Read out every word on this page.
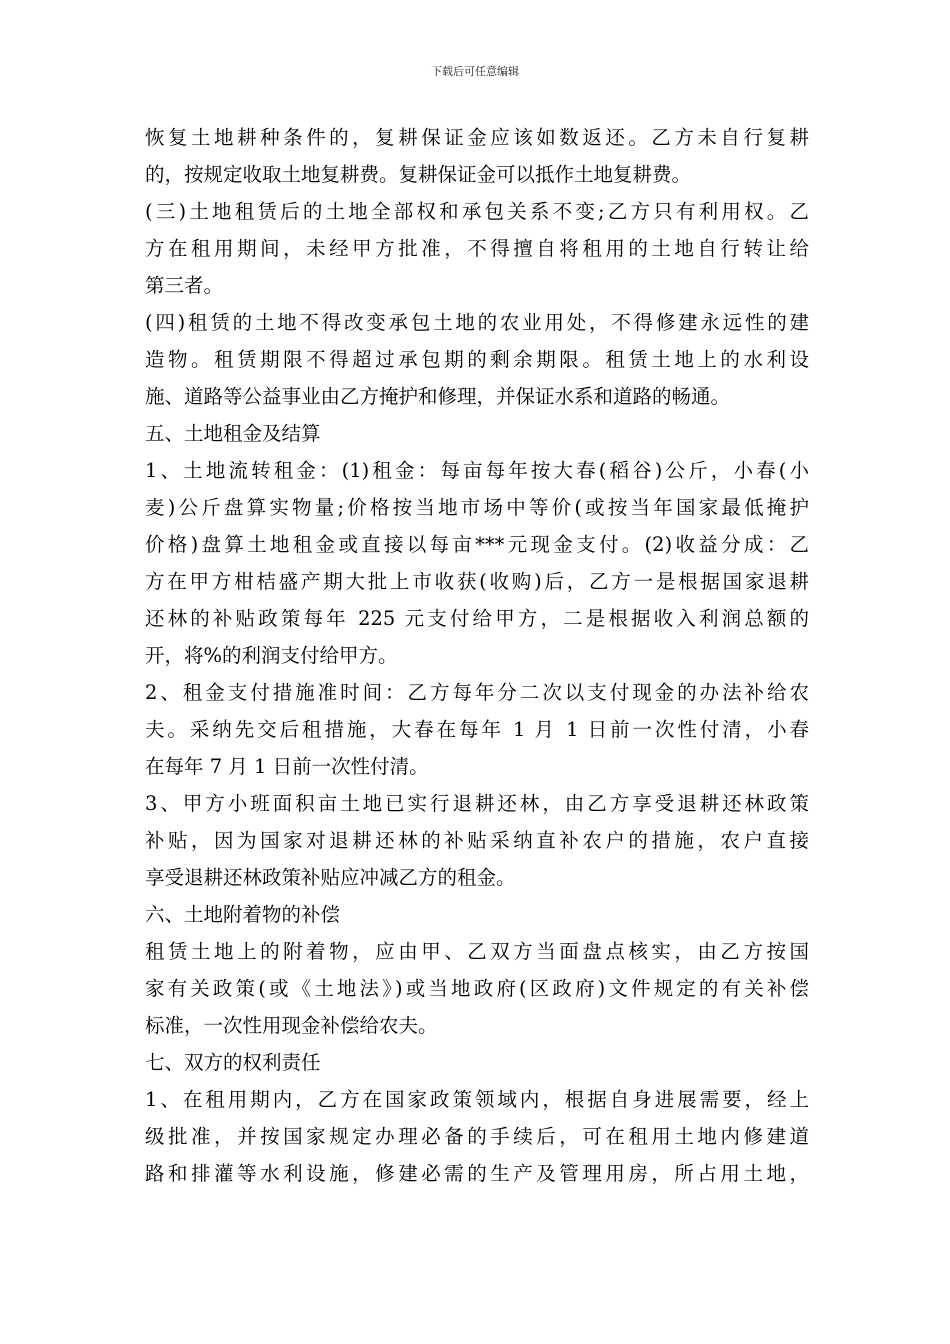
下载后可任意编辑
恢复土地耕种条件的，复耕保证金应该如数返还。乙方未自行复耕
的，按规定收取土地复耕费。复耕保证金可以抵作土地复耕费。
(三)土地租赁后的土地全部权和承包关系不变;乙方只有利用权。乙
方在租用期间，未经甲方批准，不得擅自将租用的土地自行转让给
第三者。
(四)租赁的土地不得改变承包土地的农业用处，不得修建永远性的建
造物。租赁期限不得超过承包期的剩余期限。租赁土地上的水利设
施、道路等公益事业由乙方掩护和修理，并保证水系和道路的畅通。
五、土地租金及结算
1、土地流转租金：(1)租金：每亩每年按大春(稻谷)公斤，小春(小
麦)公斤盘算实物量;价格按当地市场中等价(或按当年国家最低掩护
价格)盘算土地租金或直接以每亩***元现金支付。(2)收益分成：乙
方在甲方柑桔盛产期大批上市收获(收购)后，乙方一是根据国家退耕
还林的补贴政策每年 225 元支付给甲方，二是根据收入利润总额的
开，将%的利润支付给甲方。
2、租金支付措施准时间：乙方每年分二次以支付现金的办法补给农
夫。采纳先交后租措施，大春在每年 1 月 1 日前一次性付清，小春
在每年 7 月 1 日前一次性付清。
3、甲方小班面积亩土地已实行退耕还林，由乙方享受退耕还林政策
补贴，因为国家对退耕还林的补贴采纳直补农户的措施，农户直接
享受退耕还林政策补贴应冲减乙方的租金。
六、土地附着物的补偿
租赁土地上的附着物，应由甲、乙双方当面盘点核实，由乙方按国
家有关政策(或《土地法》)或当地政府(区政府)文件规定的有关补偿
标准，一次性用现金补偿给农夫。
七、双方的权利责任
1、在租用期内，乙方在国家政策领域内，根据自身进展需要，经上
级批准，并按国家规定办理必备的手续后，可在租用土地内修建道
路和排灌等水利设施，修建必需的生产及管理用房，所占用土地，
